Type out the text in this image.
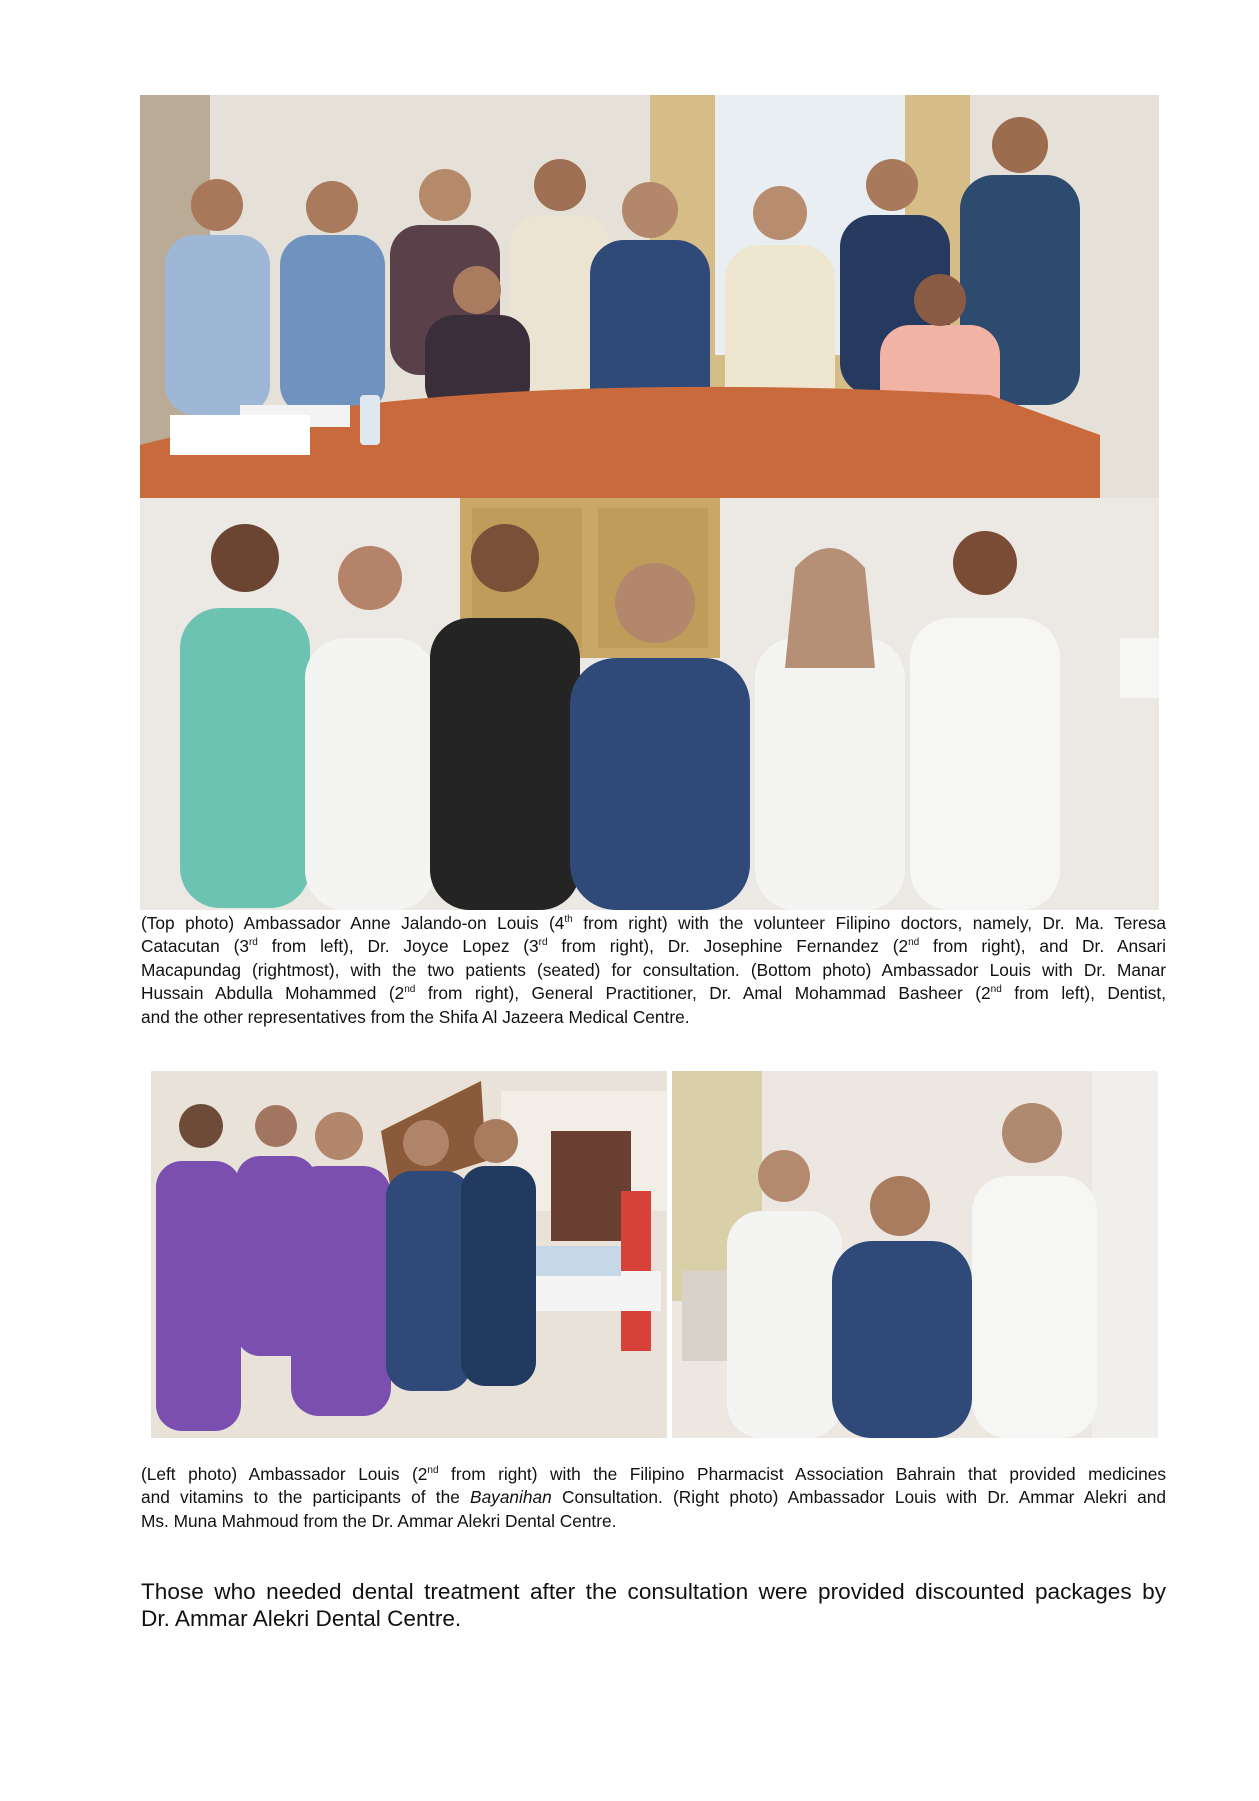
(Top photo) Ambassador Anne Jalando-on Louis (4th from right) with the volunteer Filipino doctors, namely, Dr. Ma. Teresa
Catacutan (3rd from left), Dr. Joyce Lopez (3rd from right), Dr. Josephine Fernandez (2nd from right), and Dr. Ansari
Macapundag (rightmost), with the two patients (seated) for consultation. (Bottom photo) Ambassador Louis with Dr. Manar
Hussain Abdulla Mohammed (2nd from right), General Practitioner, Dr. Amal Mohammad Basheer (2nd from left), Dentist,
and the other representatives from the Shifa Al Jazeera Medical Centre.
(Left photo) Ambassador Louis (2nd from right) with the Filipino Pharmacist Association Bahrain that provided medicines
and vitamins to the participants of the Bayanihan Consultation. (Right photo) Ambassador Louis with Dr. Ammar Alekri and
Ms. Muna Mahmoud from the Dr. Ammar Alekri Dental Centre.
Those who needed dental treatment after the consultation were provided discounted packages by
Dr. Ammar Alekri Dental Centre.
